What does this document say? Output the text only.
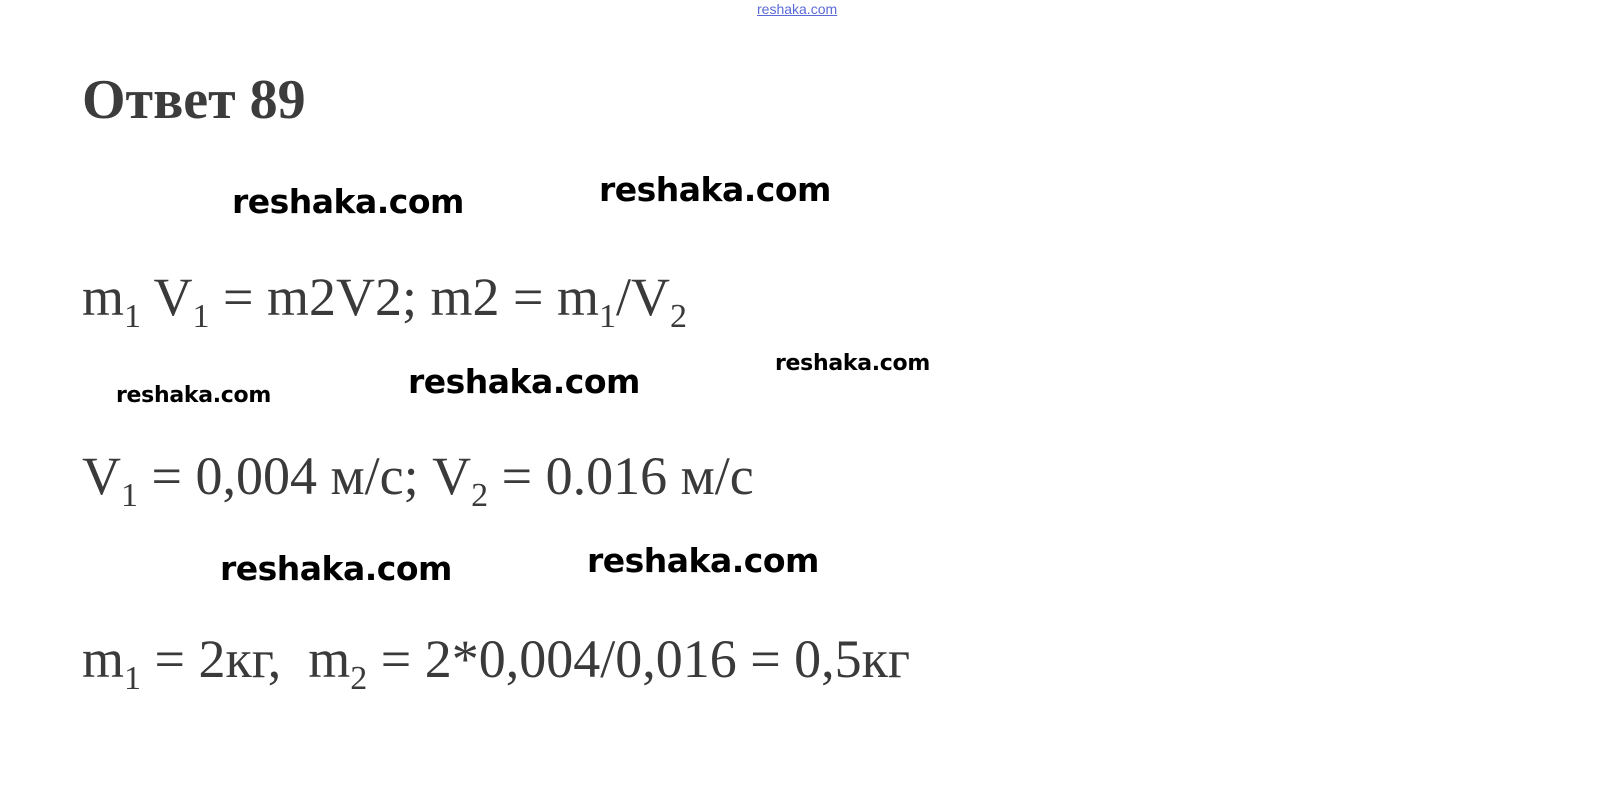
reshaka.com
Ответ 89
reshaka.com	reshaka.com
reshaka.com	reshaka.com	reshaka.com
reshaka.com	reshaka.com
$m_1$ $V_1 = m2V2$; $m2 = m_1/V_2$
$V_1 = 0,004$ м/с; $V_2 = 0.016$ м/с
$m_1 = 2кг$,  $m_2 = 2*0,004/0,016 = 0,5кг$
